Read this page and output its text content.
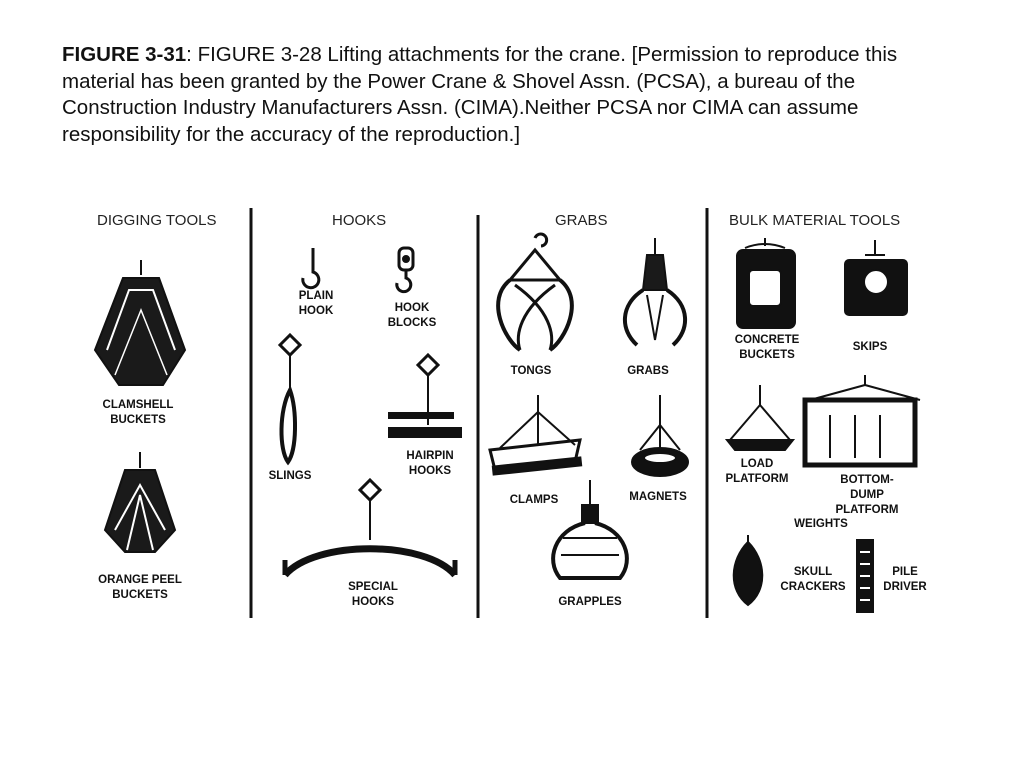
FIGURE 3-31: FIGURE 3-28 Lifting attachments for the crane. [Permission to reproduce this material has been granted by the Power Crane & Shovel Assn. (PCSA), a bureau of the Construction Industry Manufacturers Assn. (CIMA).Neither PCSA nor CIMA can assume responsibility for the accuracy of the reproduction.]
DIGGING TOOLS	HOOKS	GRABS	BULK MATERIAL TOOLS
CLAMSHELL
BUCKETS
ORANGE PEEL
BUCKETS
PLAIN
HOOK	HOOK
BLOCKS
SLINGS
HAIRPIN
HOOKS
SPECIAL
HOOKS
TONGS	GRABS
CLAMPS	MAGNETS
GRAPPLES
CONCRETE
BUCKETS
SKIPS
LOAD
PLATFORM	BOTTOM-DUMP
PLATFORM
WEIGHTS
SKULL
CRACKERS
PILE
DRIVER
